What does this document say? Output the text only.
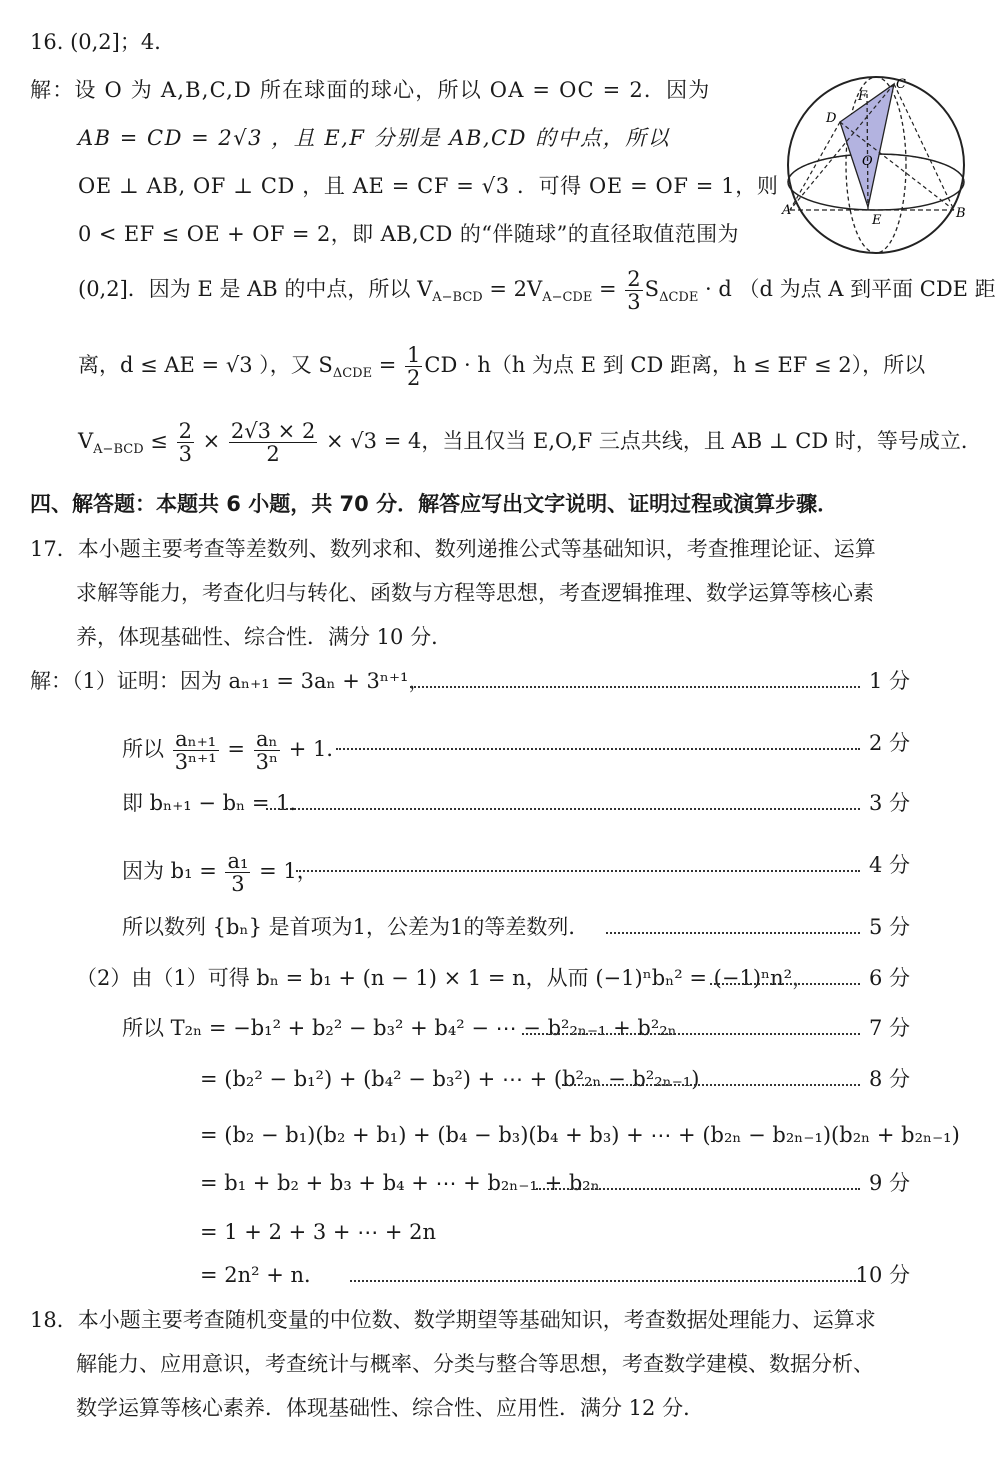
16. (0,2]；4．
解：设 O 为 A,B,C,D 所在球面的球心，所以 OA = OC = 2．因为
AB = CD = 2√3 ，且 E,F 分别是 AB,CD 的中点，所以
OE ⊥ AB, OF ⊥ CD ，且 AE = CF = √3 ．可得 OE = OF = 1，则
0 < EF ≤ OE + OF = 2，即 AB,CD 的“伴随球”的直径取值范围为
C
F
D
O
A
E	B
(0,2]．因为 E 是 AB 的中点，所以 $V_{A-BCD} = 2V_{A-CDE} = \frac{2}{3} S_{\Delta CDE} \cdot d$ （d 为点 A 到平面 CDE 距
离，d ≤ AE = √3 ），又 $S_{\Delta CDE} = \frac{1}{2}$ CD · h（h 为点 E 到 CD 距离，h ≤ EF ≤ 2），所以
$V_{A-BCD} \le \frac{2}{3} \times \frac{2√3 \times 2}{2} \times √3 = 4$，当且仅当 E,O,F 三点共线，且 AB ⊥ CD 时，等号成立．
四、解答题：本题共 6 小题，共 70 分．解答应写出文字说明、证明过程或演算步骤．
17．本小题主要考查等差数列、数列求和、数列递推公式等基础知识，考查推理论证、运算
求解等能力，考查化归与转化、函数与方程等思想，考查逻辑推理、数学运算等核心素
养，体现基础性、综合性．满分 10 分．
解：（1）证明：因为 aₙ₊₁ = 3aₙ + 3ⁿ⁺¹，	1 分
所以 $\frac{\text{aₙ₊₁}}{\text{3ⁿ⁺¹}} = \frac{\text{aₙ}}{\text{3ⁿ}} + 1$．	2 分
即 bₙ₊₁ − bₙ = 1．	3 分
因为 $b_1 = \frac{\text{a₁}}{3} = 1$，	4 分
所以数列 {bₙ} 是首项为1，公差为1的等差数列．	5 分
（2）由（1）可得 bₙ = b₁ + (n − 1) × 1 = n，从而 (−1)ⁿbₙ² = (−1)ⁿn²，	6 分
所以 T₂ₙ = −b₁² + b₂² − b₃² + b₄² − ⋯ − b²₂ₙ₋₁ + b²₂ₙ	7 分
= (b₂² − b₁²) + (b₄² − b₃²) + ⋯ + (b²₂ₙ − b²₂ₙ₋₁)	8 分
= (b₂ − b₁)(b₂ + b₁) + (b₄ − b₃)(b₄ + b₃) + ⋯ + (b₂ₙ − b₂ₙ₋₁)(b₂ₙ + b₂ₙ₋₁)
= b₁ + b₂ + b₃ + b₄ + ⋯ + b₂ₙ₋₁ + b₂ₙ	9 分
= 1 + 2 + 3 + ⋯ + 2n
= 2n² + n．	10 分
18．本小题主要考查随机变量的中位数、数学期望等基础知识，考查数据处理能力、运算求
解能力、应用意识，考查统计与概率、分类与整合等思想，考查数学建模、数据分析、
数学运算等核心素养．体现基础性、综合性、应用性．满分 12 分．
